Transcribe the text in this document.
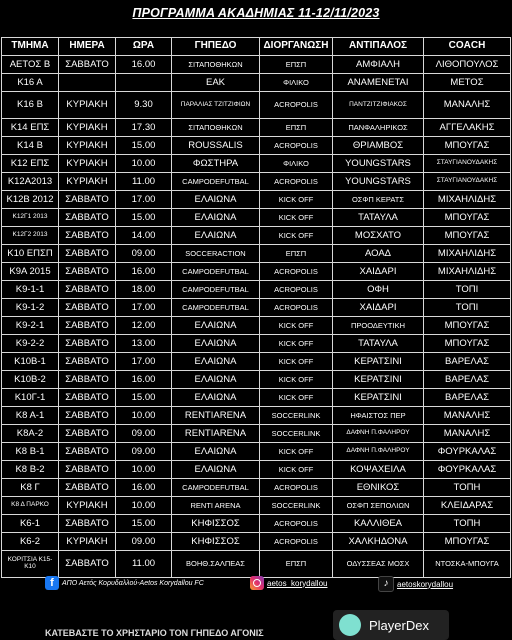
ΠΡΟΓΡΑΜΜΑ ΑΚΑΔΗΜΙΑΣ 11-12/11/2023
ΤΜΗΜΑ	ΗΜΕΡΑ	ΩΡΑ	ΓΗΠΕΔΟ	ΔΙΟΡΓΑΝΩΣΗ	ΑΝΤΙΠΑΛΟΣ	COACH
ΑΕΤΟΣ Β	ΣΑΒΒΑΤΟ	16.00	ΣΙΤΑΠΟΘΗΚΩΝ	ΕΠΣΠ	ΑΜΦΙΑΛΗ	ΛΙΘΟΠΟΥΛΟΣ
Κ16 Α			ΕΑΚ	ΦΙΛΙΚΟ	ΑΝΑΜΕΝΕΤΑΙ	ΜΕΤΟΣ
Κ16 Β	ΚΥΡΙΑΚΗ	9.30	ΠΑΡΑΛΙΑΣ ΤΖΙΤΖΙΦΙΩΝ	ACROPOLIS	ΠΑΝΤΖΙΤΖΙΦΙΑΚΟΣ	ΜΑΝΑΛΗΣ
Κ14 ΕΠΣ	ΚΥΡΙΑΚΗ	17.30	ΣΙΤΑΠΟΘΗΚΩΝ	ΕΠΣΠ	ΠΑΝΦΑΛΗΡΙΚΟΣ	ΑΓΓΕΛΑΚΗΣ
Κ14 Β	ΚΥΡΙΑΚΗ	15.00	ROUSSALIS	ACROPOLIS	ΘΡΙΑΜΒΟΣ	ΜΠΟΥΓΑΣ
Κ12 ΕΠΣ	ΚΥΡΙΑΚΗ	10.00	ΦΩΣΤΗΡΑ	ΦΙΛΙΚΟ	YOUNGSTARS	ΣΤΑΥΓΙΑΝΟΥΔΑΚΗΣ
Κ12Α2013	ΚΥΡΙΑΚΗ	11.00	CAMPODEFUTBAL	ACROPOLIS	YOUNGSTARS	ΣΤΑΥΓΙΑΝΟΥΔΑΚΗΣ
Κ12Β 2012	ΣΑΒΒΑΤΟ	17.00	ΕΛΑΙΩΝΑ	KICK OFF	ΟΣΦΠ ΚΕΡΑΤΣ	ΜΙΧΑΗΛΙΔΗΣ
Κ12Γ1 2013	ΣΑΒΒΑΤΟ	15.00	ΕΛΑΙΩΝΑ	KICK OFF	ΤΑΤΑΥΛΑ	ΜΠΟΥΓΑΣ
Κ12Γ2 2013	ΣΑΒΒΑΤΟ	14.00	ΕΛΑΙΩΝΑ	KICK OFF	ΜΟΣΧΑΤΟ	ΜΠΟΥΓΑΣ
Κ10 ΕΠΣΠ	ΣΑΒΒΑΤΟ	09.00	SOCCERACTION	ΕΠΣΠ	ΑΟΑΔ	ΜΙΧΑΗΛΙΔΗΣ
Κ9Α 2015	ΣΑΒΒΑΤΟ	16.00	CAMPODEFUTBAL	ACROPOLIS	ΧΑΙΔΑΡΙ	ΜΙΧΑΗΛΙΔΗΣ
Κ9-1-1	ΣΑΒΒΑΤΟ	18.00	CAMPODEFUTBAL	ACROPOLIS	ΟΦΗ	ΤΟΠΙ
Κ9-1-2	ΣΑΒΒΑΤΟ	17.00	CAMPODEFUTBAL	ACROPOLIS	ΧΑΙΔΑΡΙ	ΤΟΠΙ
Κ9-2-1	ΣΑΒΒΑΤΟ	12.00	ΕΛΑΙΩΝΑ	KICK OFF	ΠΡΟΟΔΕΥΤΙΚΗ	ΜΠΟΥΓΑΣ
Κ9-2-2	ΣΑΒΒΑΤΟ	13.00	ΕΛΑΙΩΝΑ	KICK OFF	ΤΑΤΑΥΛΑ	ΜΠΟΥΓΑΣ
Κ10Β-1	ΣΑΒΒΑΤΟ	17.00	ΕΛΑΙΩΝΑ	KICK OFF	ΚΕΡΑΤΣΙΝΙ	ΒΑΡΕΛΑΣ
Κ10Β-2	ΣΑΒΒΑΤΟ	16.00	ΕΛΑΙΩΝΑ	KICK OFF	ΚΕΡΑΤΣΙΝΙ	ΒΑΡΕΛΑΣ
Κ10Γ-1	ΣΑΒΒΑΤΟ	15.00	ΕΛΑΙΩΝΑ	KICK OFF	ΚΕΡΑΤΣΙΝΙ	ΒΑΡΕΛΑΣ
Κ8 Α-1	ΣΑΒΒΑΤΟ	10.00	RENTIARENA	SOCCERLINK	ΗΦΑΙΣΤΟΣ ΠΕΡ	ΜΑΝΑΛΗΣ
Κ8Α-2	ΣΑΒΒΑΤΟ	09.00	RENTIARENA	SOCCERLINK	ΔΑΦΝΗ Π.ΦΑΛΗΡΟΥ	ΜΑΝΑΛΗΣ
Κ8 Β-1	ΣΑΒΒΑΤΟ	09.00	ΕΛΑΙΩΝΑ	KICK OFF	ΔΑΦΝΗ Π.ΦΑΛΗΡΟΥ	ΦΟΥΡΚΑΛΑΣ
Κ8 Β-2	ΣΑΒΒΑΤΟ	10.00	ΕΛΑΙΩΝΑ	KICK OFF	ΚΟΨΑΧΕΙΛΑ	ΦΟΥΡΚΑΛΑΣ
Κ8 Γ	ΣΑΒΒΑΤΟ	16.00	CAMPODEFUTBAL	ACROPOLIS	ΕΘΝΙΚΟΣ	ΤΟΠΗ
Κ8 Δ ΠΑΡΚΟ	ΚΥΡΙΑΚΗ	10.00	RENTI ARENA	SOCCERLINK	ΟΣΦΠ ΣΕΠΟΛΙΩΝ	ΚΛΕΙΔΑΡΑΣ
Κ6-1	ΣΑΒΒΑΤΟ	15.00	ΚΗΦΙΣΣΟΣ	ACROPOLIS	ΚΑΛΛΙΘΕΑ	ΤΟΠΗ
Κ6-2	ΚΥΡΙΑΚΗ	09.00	ΚΗΦΙΣΣΟΣ	ACROPOLIS	ΧΑΛΚΗΔΟΝΑ	ΜΠΟΥΓΑΣ
ΚΟΡΙΤΣΙΑ Κ15-Κ10	ΣΑΒΒΑΤΟ	11.00	ΒΟΗΘ.ΣΑΛΠΕΑΣ	ΕΠΣΠ	ΟΔΥΣΣΕΑΣ ΜΟΣΧ	ΝΤΟΣΚΑ-ΜΠΟΥΓΑ
f	ΑΠΟ Αετός Κορυδαλλού-Aetos Korydallou FC	aetos_korydallou	♪	aetoskorydallou
ΚΑΤΕΒΑΣΤΕ ΤΟ ΧΡΗΣΤΑΡΙΟ ΤΟΝ ΓΗΠΕΔΟ ΑΓΟΝΙΣ
PlayerDex
